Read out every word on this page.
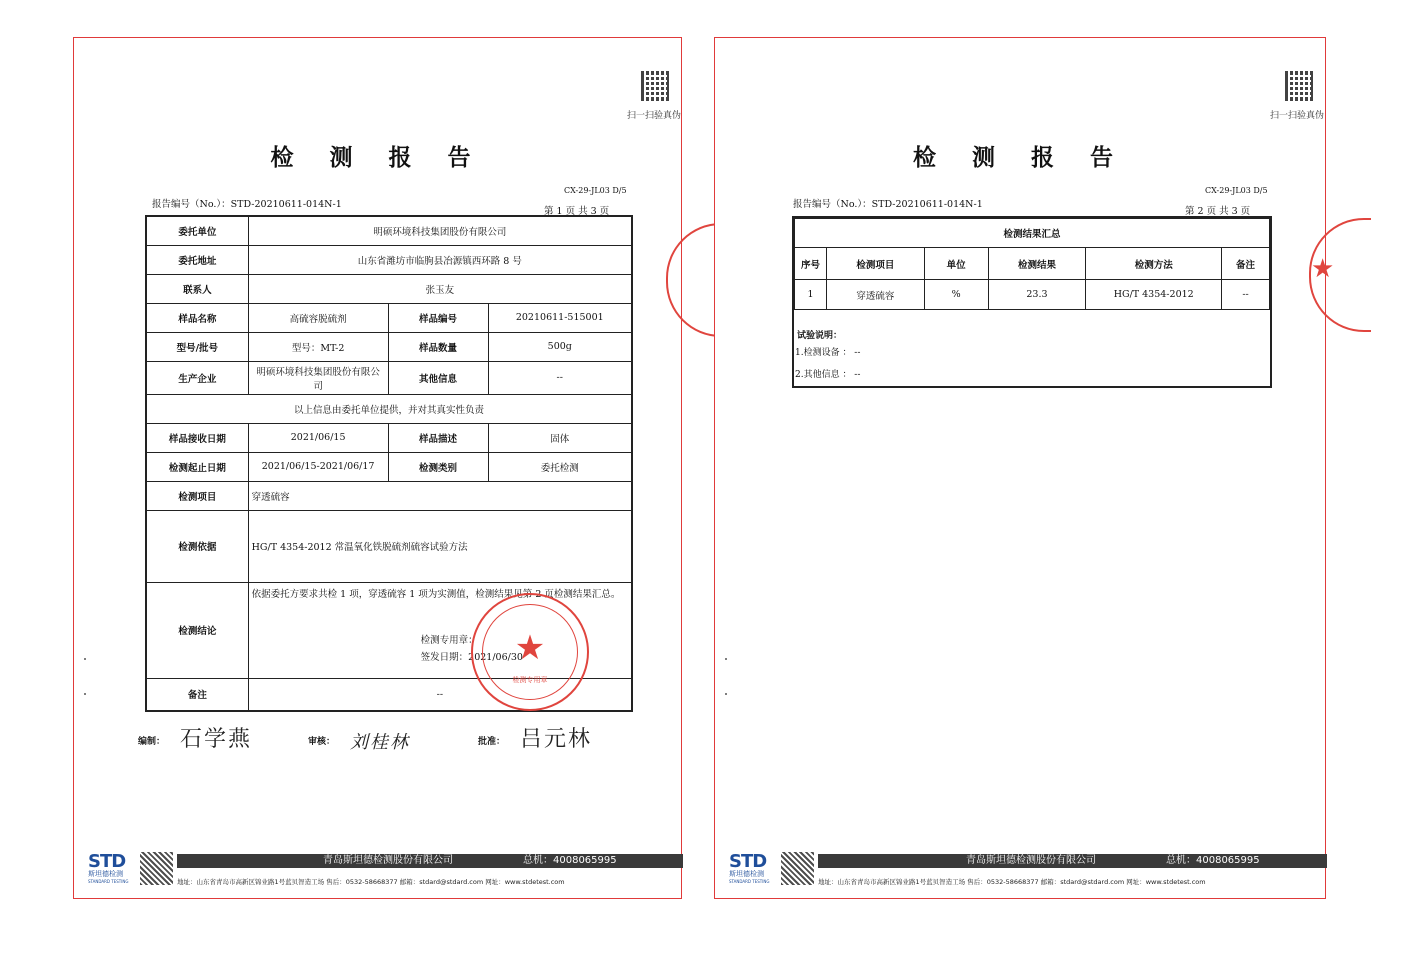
扫一扫验真伪
检 测 报 告
CX-29-JL03 D/5
报告编号（No.）：STD-20210611-014N-1
第 1 页 共 3 页
委托单位	明硕环境科技集团股份有限公司		
委托地址	山东省潍坊市临朐县冶源镇西环路 8 号		
联系人	张玉友		
样品名称	高硫容脱硫剂	样品编号	20210611-515001
型号/批号	型号：MT-2	样品数量	500g
生产企业	明硕环境科技集团股份有限公司	其他信息	--
以上信息由委托单位提供，并对其真实性负责			
样品接收日期	2021/06/15	样品描述	固体
检测起止日期	2021/06/15-2021/06/17	检测类别	委托检测
检测项目	穿透硫容		
检测依据	HG/T 4354-2012 常温氧化铁脱硫剂硫容试验方法		
检测结论	依据委托方要求共检 1 项，穿透硫容 1 项为实测值，检测结果见第 2 页检测结果汇总。
检测专用章：
签发日期：2021/06/30		

备注	--		
★
检测专用章
编制： 石学燕	审核： 刘桂林	批准： 吕元林
STD
斯坦德检测
STANDARD TESTING
青岛斯坦德检测股份有限公司	总机：4008065995
地址：山东省青岛市高新区锦业路1号蓝贝智造工场 售后：0532-58668377 邮箱：stdard@stdard.com 网址：www.stdetest.com
扫一扫验真伪
检 测 报 告
CX-29-JL03 D/5
报告编号（No.）：STD-20210611-014N-1
第 2 页 共 3 页
检测结果汇总					
序号	检测项目	单位	检测结果	检测方法	备注
1	穿透硫容	%	23.3	HG/T 4354-2012	--
试验说明：
1.检测设备 ： --
2.其他信息 ： --
★
STD
斯坦德检测
STANDARD TESTING
青岛斯坦德检测股份有限公司	总机：4008065995
地址：山东省青岛市高新区锦业路1号蓝贝智造工场 售后：0532-58668377 邮箱：stdard@stdard.com 网址：www.stdetest.com
